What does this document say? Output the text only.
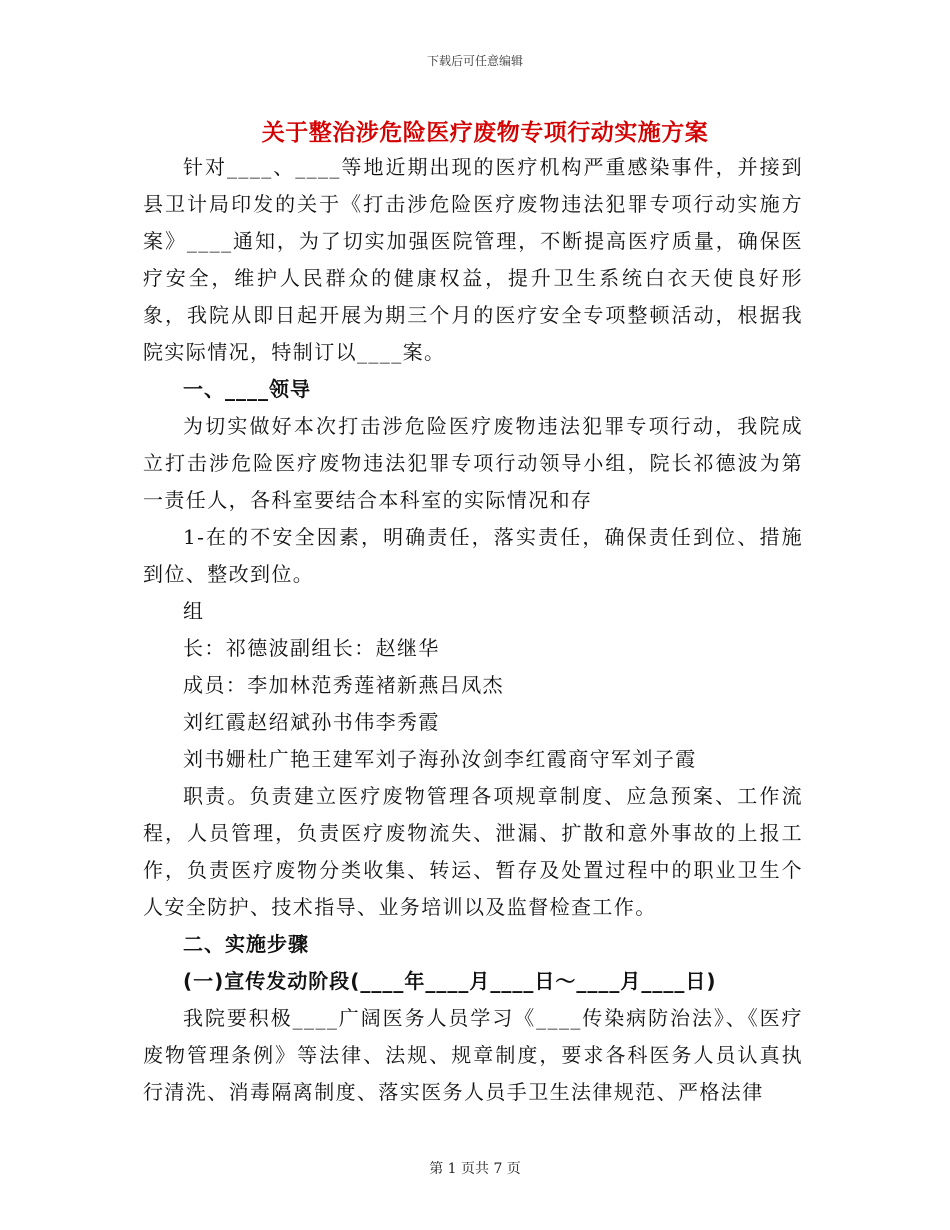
下载后可任意编辑
关于整治涉危险医疗废物专项行动实施方案

针对____、____等地近期出现的医疗机构严重感染事件，并接到县卫计局印发的关于《打击涉危险医疗废物违法犯罪专项行动实施方案》____通知，为了切实加强医院管理，不断提高医疗质量，确保医疗安全，维护人民群众的健康权益，提升卫生系统白衣天使良好形象，我院从即日起开展为期三个月的医疗安全专项整顿活动，根据我院实际情况，特制订以____案。

一、____领导

为切实做好本次打击涉危险医疗废物违法犯罪专项行动，我院成立打击涉危险医疗废物违法犯罪专项行动领导小组，院长祁德波为第一责任人，各科室要结合本科室的实际情况和存

1-在的不安全因素，明确责任，落实责任，确保责任到位、措施到位、整改到位。

组

长：祁德波副组长：赵继华

成员：李加林范秀莲褚新燕吕凤杰

刘红霞赵绍斌孙书伟李秀霞

刘书姗杜广艳王建军刘子海孙汝剑李红霞商守军刘子霞

职责。负责建立医疗废物管理各项规章制度、应急预案、工作流程，人员管理，负责医疗废物流失、泄漏、扩散和意外事故的上报工作，负责医疗废物分类收集、转运、暂存及处置过程中的职业卫生个人安全防护、技术指导、业务培训以及监督检查工作。

二、实施步骤

(一)宣传发动阶段(____年____月____日～____月____日)

我院要积极____广阔医务人员学习《____传染病防治法》、《医疗废物管理条例》等法律、法规、规章制度，要求各科医务人员认真执行清洗、消毒隔离制度、落实医务人员手卫生法律规范、严格法律

第 1 页共 7 页
